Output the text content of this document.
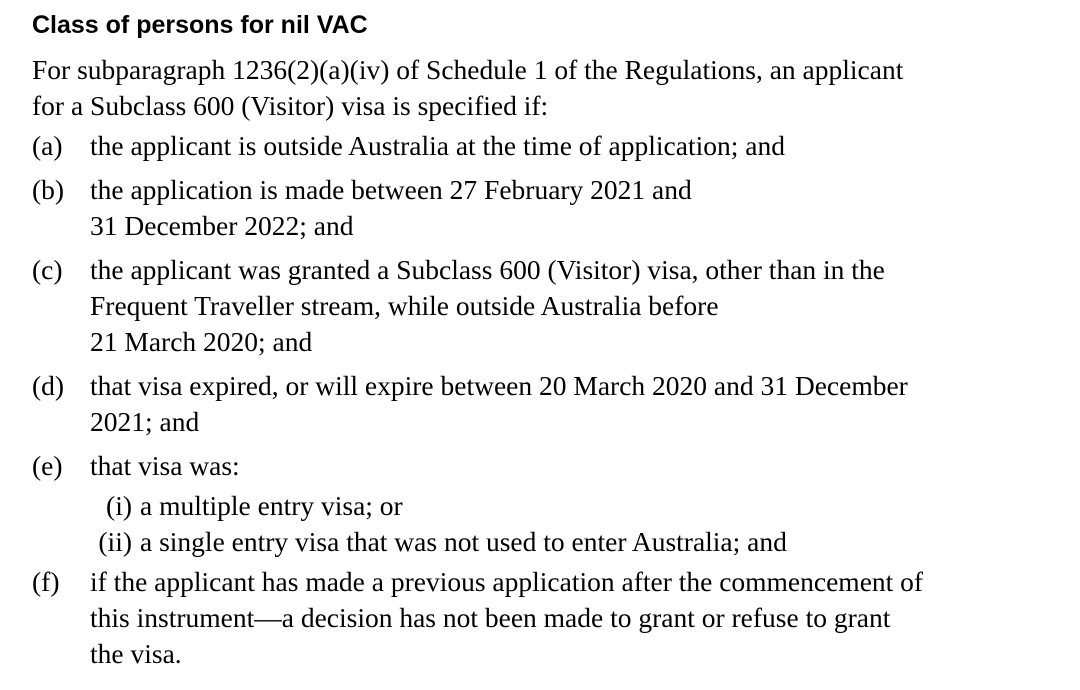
Class of persons for nil VAC
For subparagraph 1236(2)(a)(iv) of Schedule 1 of the Regulations, an applicant
for a Subclass 600 (Visitor) visa is specified if:
(a) the applicant is outside Australia at the time of application; and
(b) the application is made between 27 February 2021 and
31 December 2022; and
(c) the applicant was granted a Subclass 600 (Visitor) visa, other than in the
Frequent Traveller stream, while outside Australia before
21 March 2020; and
(d) that visa expired, or will expire between 20 March 2020 and 31 December
2021; and
(e) that visa was:
(i) a multiple entry visa; or
(ii) a single entry visa that was not used to enter Australia; and
(f)	if the applicant has made a previous application after the commencement of
this instrument—a decision has not been made to grant or refuse to grant
the visa.
